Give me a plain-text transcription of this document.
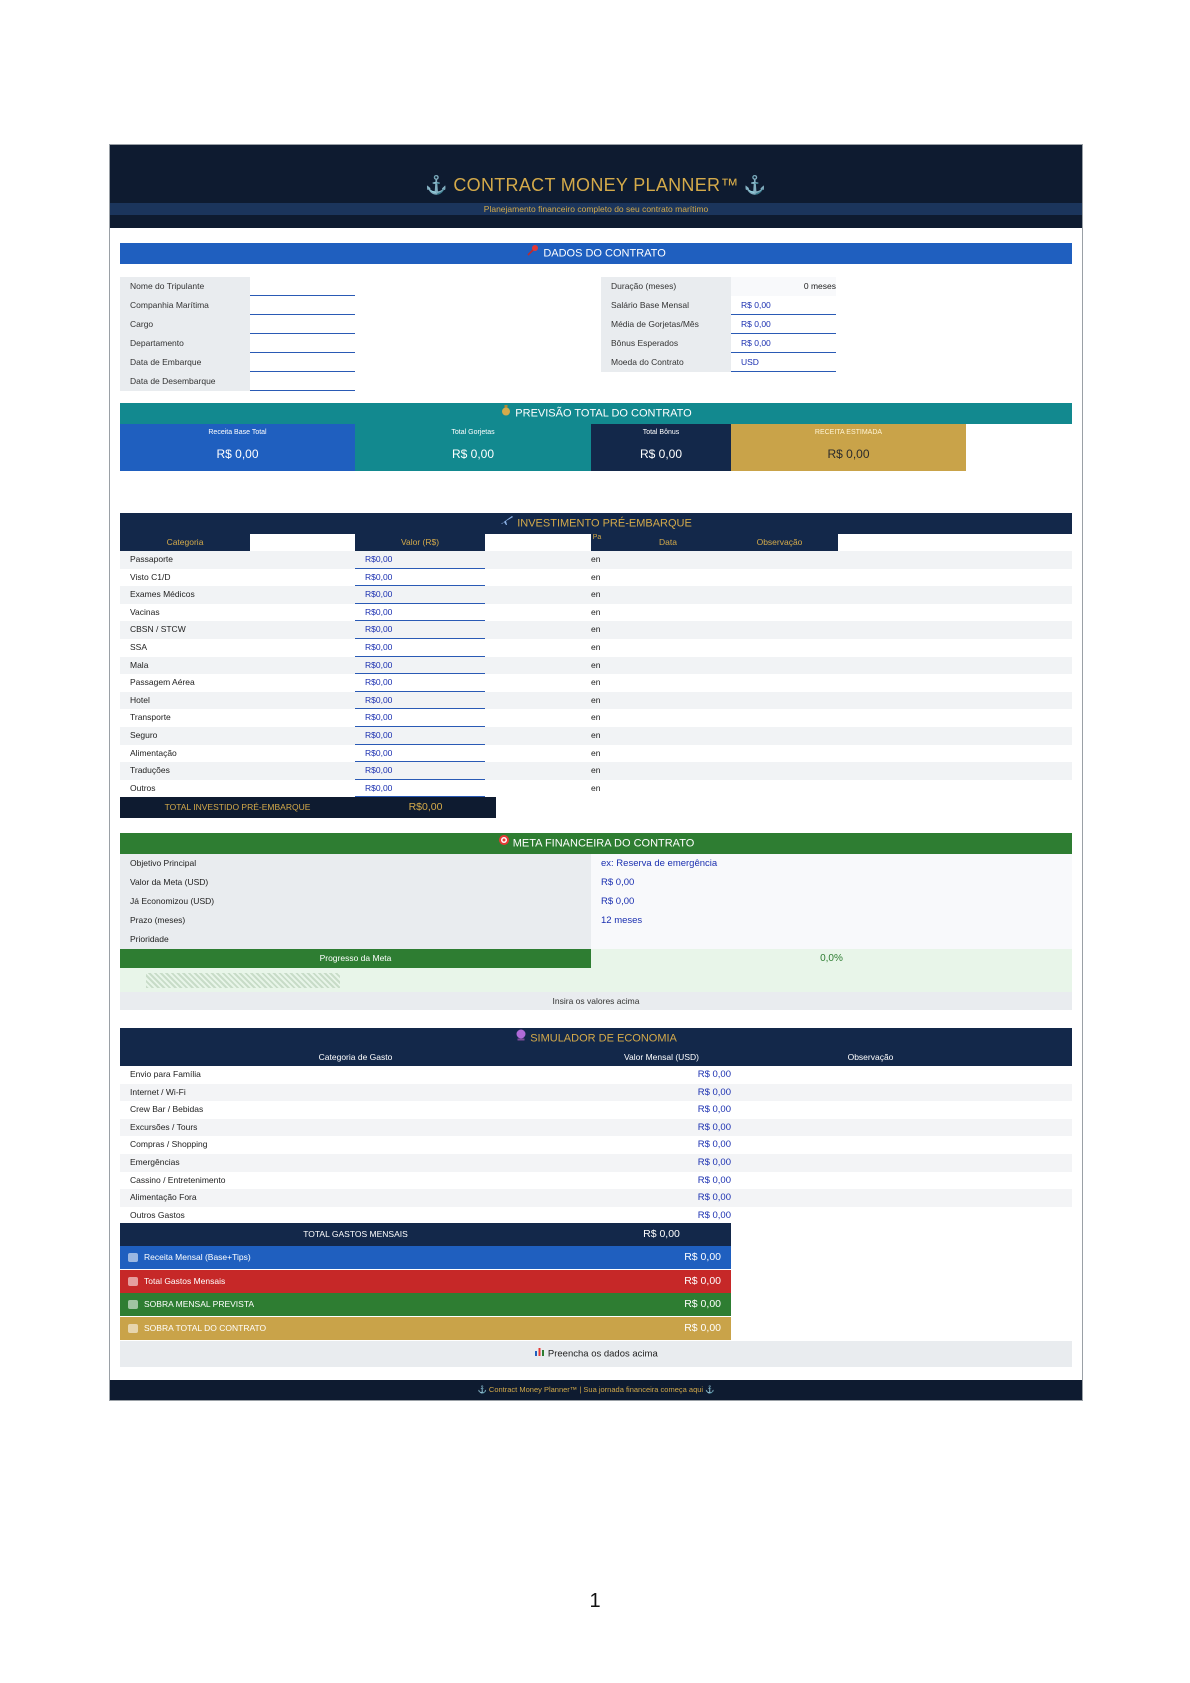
⚓ CONTRACT MONEY PLANNER™ ⚓
Planejamento financeiro completo do seu contrato marítimo
DADOS DO CONTRATO
Nome do Tripulante
Companhia Marítima
Cargo
Departamento
Data de Embarque
Data de Desembarque
Duração (meses)	0 meses
Salário Base Mensal	R$ 0,00
Média de Gorjetas/Mês	R$ 0,00
Bônus Esperados	R$ 0,00
Moeda do Contrato	USD
PREVISÃO TOTAL DO CONTRATO
Receita Base Total
R$ 0,00
Total Gorjetas
R$ 0,00
Total Bônus
R$ 0,00
RECEITA ESTIMADA
R$ 0,00
INVESTIMENTO PRÉ-EMBARQUE
Categoria	Valor (R$)	Pa	Data	Observação
Passaporte	R$0,00	en
Visto C1/D	R$0,00	en
Exames Médicos	R$0,00	en
Vacinas	R$0,00	en
CBSN / STCW	R$0,00	en
SSA	R$0,00	en
Mala	R$0,00	en
Passagem Aérea	R$0,00	en
Hotel	R$0,00	en
Transporte	R$0,00	en
Seguro	R$0,00	en
Alimentação	R$0,00	en
Traduções	R$0,00	en
Outros	R$0,00	en
TOTAL INVESTIDO PRÉ-EMBARQUE	R$0,00
META FINANCEIRA DO CONTRATO
Objetivo Principal	ex: Reserva de emergência
Valor da Meta (USD)	R$ 0,00
Já Economizou (USD)	R$ 0,00
Prazo (meses)	12 meses
Prioridade
Progresso da Meta	0,0%
Insira os valores acima
SIMULADOR DE ECONOMIA
Categoria de Gasto	Valor Mensal (USD)	Observação
Envio para Família	R$ 0,00
Internet / Wi-Fi	R$ 0,00
Crew Bar / Bebidas	R$ 0,00
Excursões / Tours	R$ 0,00
Compras / Shopping	R$ 0,00
Emergências	R$ 0,00
Cassino / Entretenimento	R$ 0,00
Alimentação Fora	R$ 0,00
Outros Gastos	R$ 0,00
TOTAL GASTOS MENSAIS	R$ 0,00
Receita Mensal (Base+Tips)	R$ 0,00
Total Gastos Mensais	R$ 0,00
SOBRA MENSAL PREVISTA	R$ 0,00
SOBRA TOTAL DO CONTRATO	R$ 0,00
Preencha os dados acima
⚓ Contract Money Planner™ | Sua jornada financeira começa aqui ⚓
1
